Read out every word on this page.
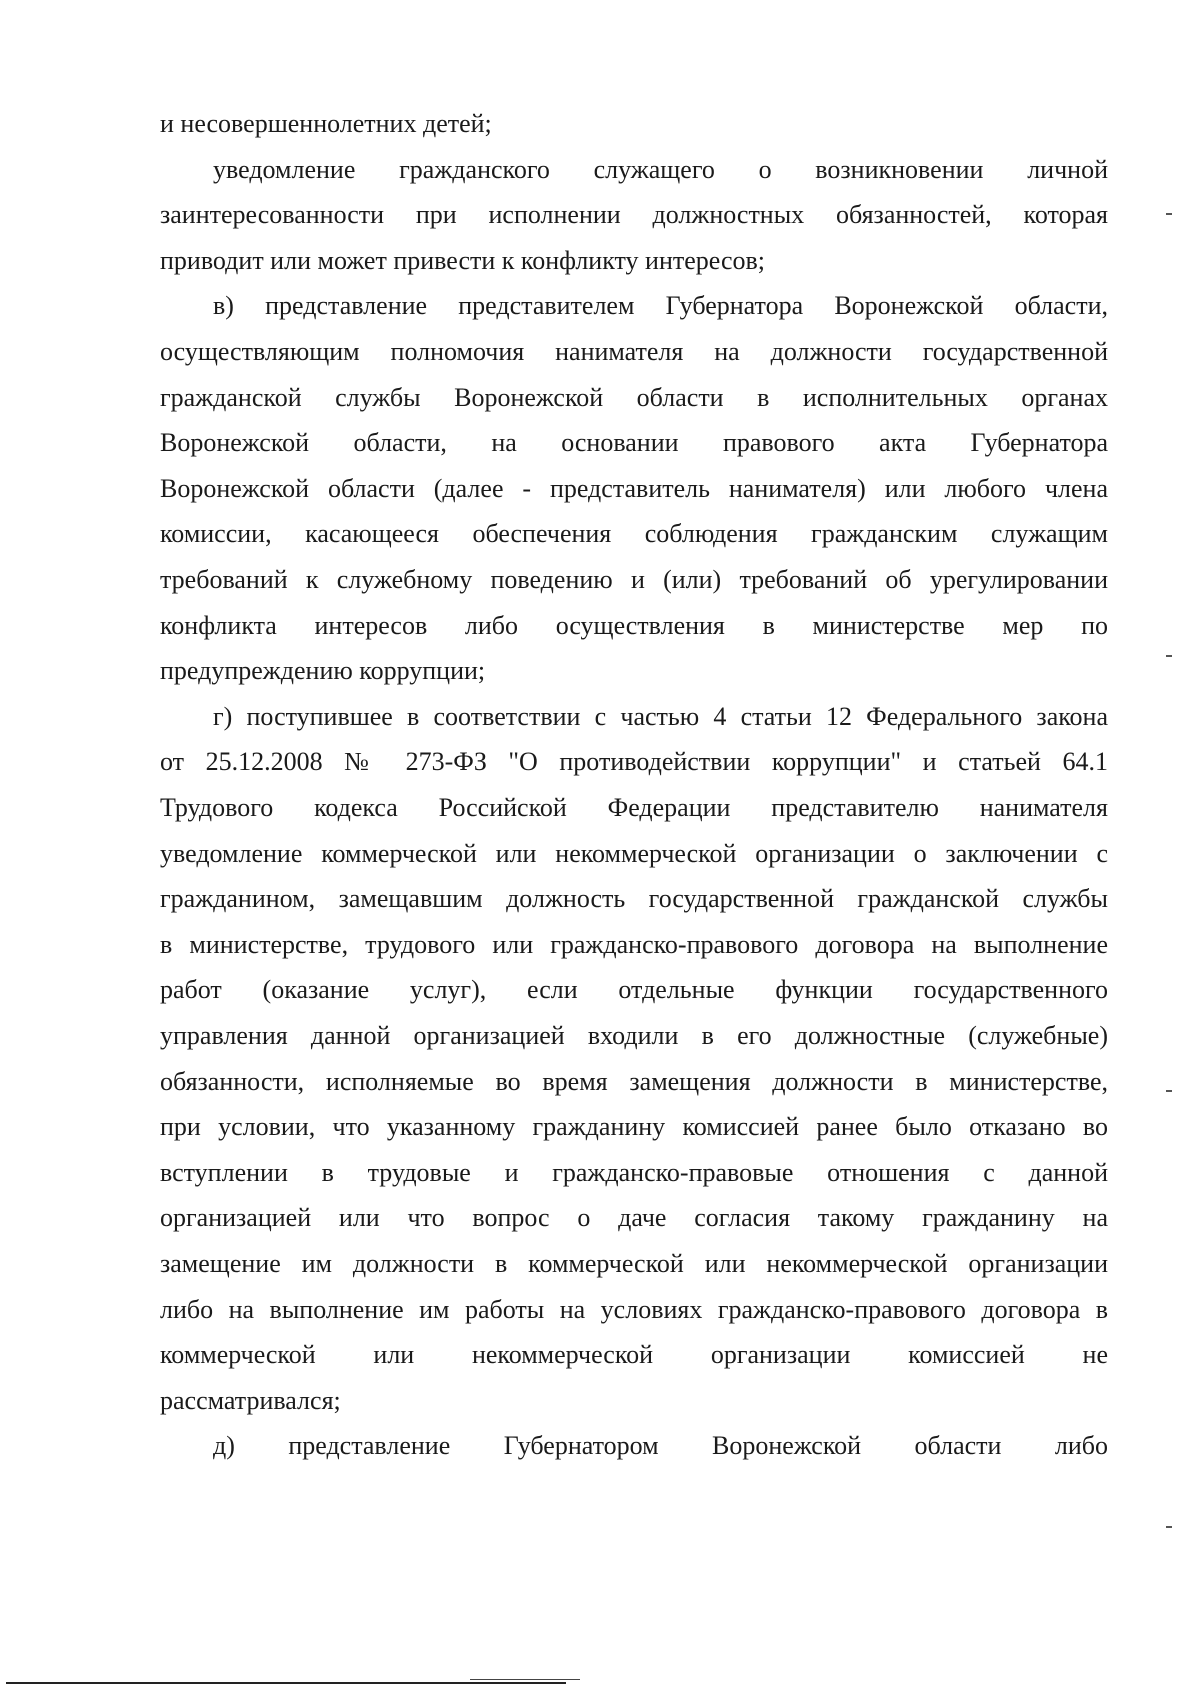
и несовершеннолетних детей;
уведомление гражданского служащего о возникновении личной
заинтересованности при исполнении должностных обязанностей, которая
приводит или может привести к конфликту интересов;
в) представление представителем Губернатора Воронежской области,
осуществляющим полномочия нанимателя на должности государственной
гражданской службы Воронежской области в исполнительных органах
Воронежской области, на основании правового акта Губернатора
Воронежской области (далее - представитель нанимателя) или любого члена
комиссии, касающееся обеспечения соблюдения гражданским служащим
требований к служебному поведению и (или) требований об урегулировании
конфликта интересов либо осуществления в министерстве мер по
предупреждению коррупции;
г) поступившее в соответствии с частью 4 статьи 12 Федерального закона
от 25.12.2008 № 273-ФЗ "О противодействии коррупции" и статьей 64.1
Трудового кодекса Российской Федерации представителю нанимателя
уведомление коммерческой или некоммерческой организации о заключении с
гражданином, замещавшим должность государственной гражданской службы
в министерстве, трудового или гражданско-правового договора на выполнение
работ (оказание услуг), если отдельные функции государственного
управления данной организацией входили в его должностные (служебные)
обязанности, исполняемые во время замещения должности в министерстве,
при условии, что указанному гражданину комиссией ранее было отказано во
вступлении в трудовые и гражданско-правовые отношения с данной
организацией или что вопрос о даче согласия такому гражданину на
замещение им должности в коммерческой или некоммерческой организации
либо на выполнение им работы на условиях гражданско-правового договора в
коммерческой или некоммерческой организации комиссией не
рассматривался;
д) представление Губернатором Воронежской области либо
